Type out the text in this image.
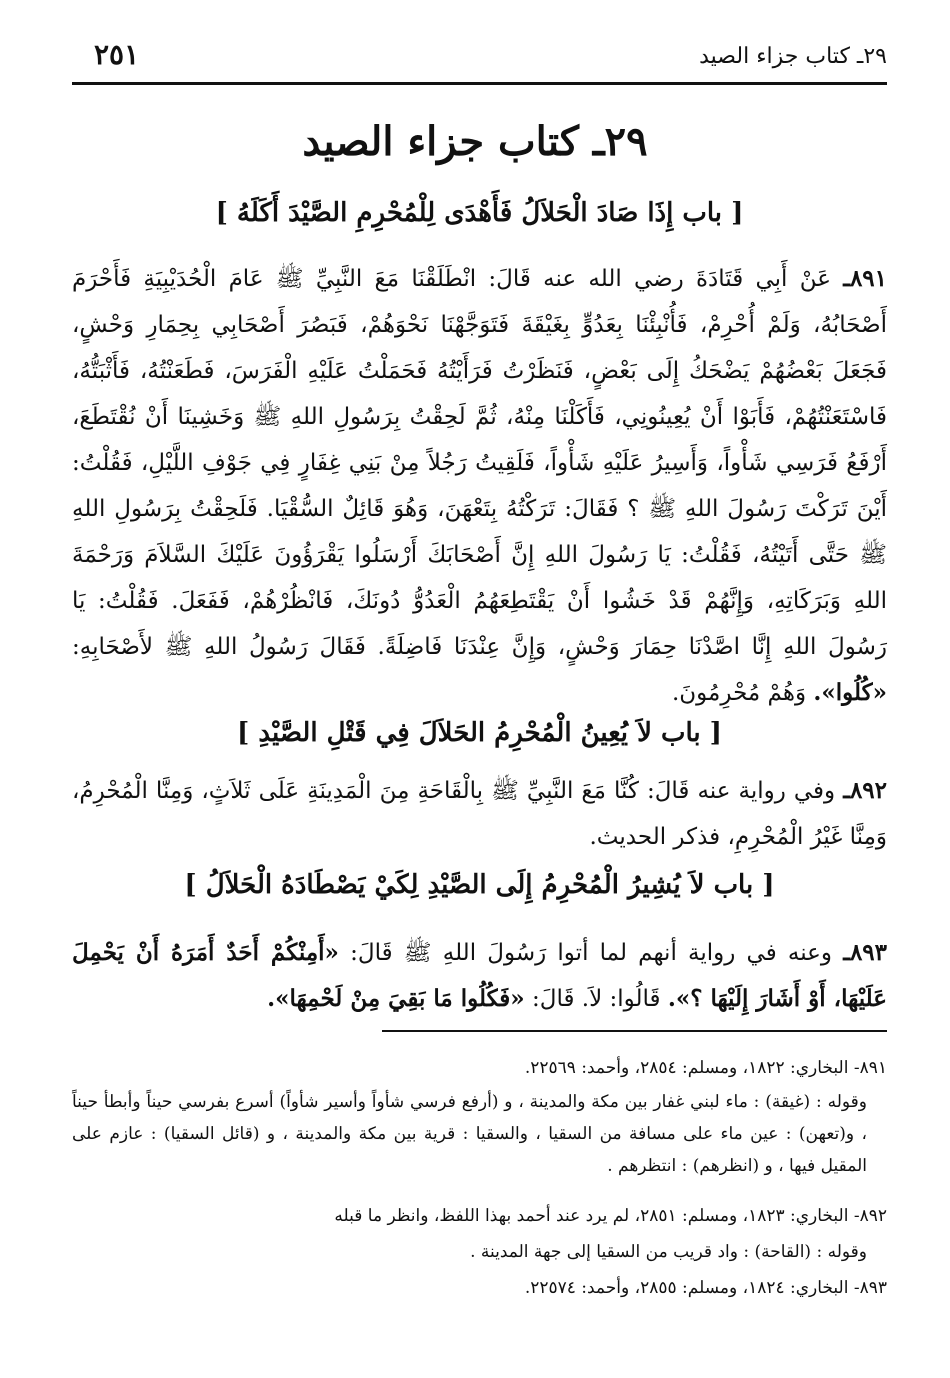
٢٥١	٢٩ـ كتاب جزاء الصيد
٢٩ـ كتاب جزاء الصيد
[ باب إِذَا صَادَ الْحَلاَلُ فَأَهْدَى لِلْمُحْرِمِ الصَّيْدَ أَكَلَهُ ]
٨٩١ـ عَنْ أَبِي قَتَادَةَ رضي الله عنه قَالَ: انْطَلَقْنَا مَعَ النَّبِيِّ ﷺ عَامَ الْحُدَيْبِيَةِ فَأَحْرَمَ أَصْحَابُهُ، وَلَمْ أُحْرِمْ، فَأُنْبِئْنَا بِعَدُوٍّ بِغَيْقَةَ فَتَوَجَّهْنَا نَحْوَهُمْ، فَبَصُرَ أَصْحَابِي بِحِمَارِ وَحْشٍ، فَجَعَلَ بَعْضُهُمْ يَضْحَكُ إِلَى بَعْضٍ، فَنَظَرْتُ فَرَأَيْتُهُ فَحَمَلْتُ عَلَيْهِ الْفَرَسَ، فَطَعَنْتُهُ، فَأَثْبَتُّهُ، فَاسْتَعَنْتُهُمْ، فَأَبَوْا أَنْ يُعِينُونِي، فَأَكَلْنَا مِنْهُ، ثُمَّ لَحِقْتُ بِرَسُولِ اللهِ ﷺ وَخَشِينَا أَنْ نُقْتَطَعَ، أَرْفَعُ فَرَسِي شَأْواً، وَأَسِيرُ عَلَيْهِ شَأْواً، فَلَقِيتُ رَجُلاً مِنْ بَنِي غِفَارٍ فِي جَوْفِ اللَّيْلِ، فَقُلْتُ: أَيْنَ تَرَكْتَ رَسُولَ اللهِ ﷺ ؟ فَقَالَ: تَرَكْتُهُ بِتَعْهَنَ، وَهُوَ قَائِلٌ السُّقْيَا. فَلَحِقْتُ بِرَسُولِ اللهِ ﷺ حَتَّى أَتَيْتُهُ، فَقُلْتُ: يَا رَسُولَ اللهِ إِنَّ أَصْحَابَكَ أَرْسَلُوا يَقْرَؤُونَ عَلَيْكَ السَّلاَمَ وَرَحْمَةَ اللهِ وَبَرَكَاتِهِ، وَإِنَّهُمْ قَدْ خَشُوا أَنْ يَقْتَطِعَهُمُ الْعَدُوُّ دُونَكَ، فَانْظُرْهُمْ، فَفَعَلَ. فَقُلْتُ: يَا رَسُولَ اللهِ إِنَّا اصَّدْنَا حِمَارَ وَحْشٍ، وَإِنَّ عِنْدَنَا فَاضِلَةً. فَقَالَ رَسُولُ اللهِ ﷺ لأَصْحَابِهِ: «كُلُوا». وَهُمْ مُحْرِمُونَ.
[ باب لاَ يُعِينُ الْمُحْرِمُ الحَلاَلَ فِي قَتْلِ الصَّيْدِ ]
٨٩٢ـ وفي رواية عنه قَالَ: كُنَّا مَعَ النَّبِيِّ ﷺ بِالْقَاحَةِ مِنَ الْمَدِينَةِ عَلَى ثَلاَثٍ، وَمِنَّا الْمُحْرِمُ، وَمِنَّا غَيْرُ الْمُحْرِمِ، فذكر الحديث.
[ باب لاَ يُشِيرُ الْمُحْرِمُ إِلَى الصَّيْدِ لِكَيْ يَصْطَادَهُ الْحَلاَلُ ]
٨٩٣ـ وعنه في رواية أنهم لما أتوا رَسُولَ اللهِ ﷺ قَالَ: «أَمِنْكُمْ أَحَدٌ أَمَرَهُ أَنْ يَحْمِلَ عَلَيْهَا، أَوْ أَشَارَ إِلَيْهَا ؟». قَالُوا: لاَ. قَالَ: «فَكُلُوا مَا بَقِيَ مِنْ لَحْمِهَا».
٨٩١- البخاري: ١٨٢٢، ومسلم: ٢٨٥٤، وأحمد: ٢٢٥٦٩.
وقوله : (غيقة) : ماء لبني غفار بين مكة والمدينة ، و (أرفع فرسي شأواً وأسير شأواً) أسرع بفرسي حيناً وأبطأ حيناً ، و(تعهن) : عين ماء على مسافة من السقيا ، والسقيا : قرية بين مكة والمدينة ، و (قائل السقيا) : عازم على المقيل فيها ، و (انظرهم) : انتظرهم .
٨٩٢- البخاري: ١٨٢٣، ومسلم: ٢٨٥١، لم يرد عند أحمد بهذا اللفظ، وانظر ما قبله
وقوله : (القاحة) : واد قريب من السقيا إلى جهة المدينة .
٨٩٣- البخاري: ١٨٢٤، ومسلم: ٢٨٥٥، وأحمد: ٢٢٥٧٤.
